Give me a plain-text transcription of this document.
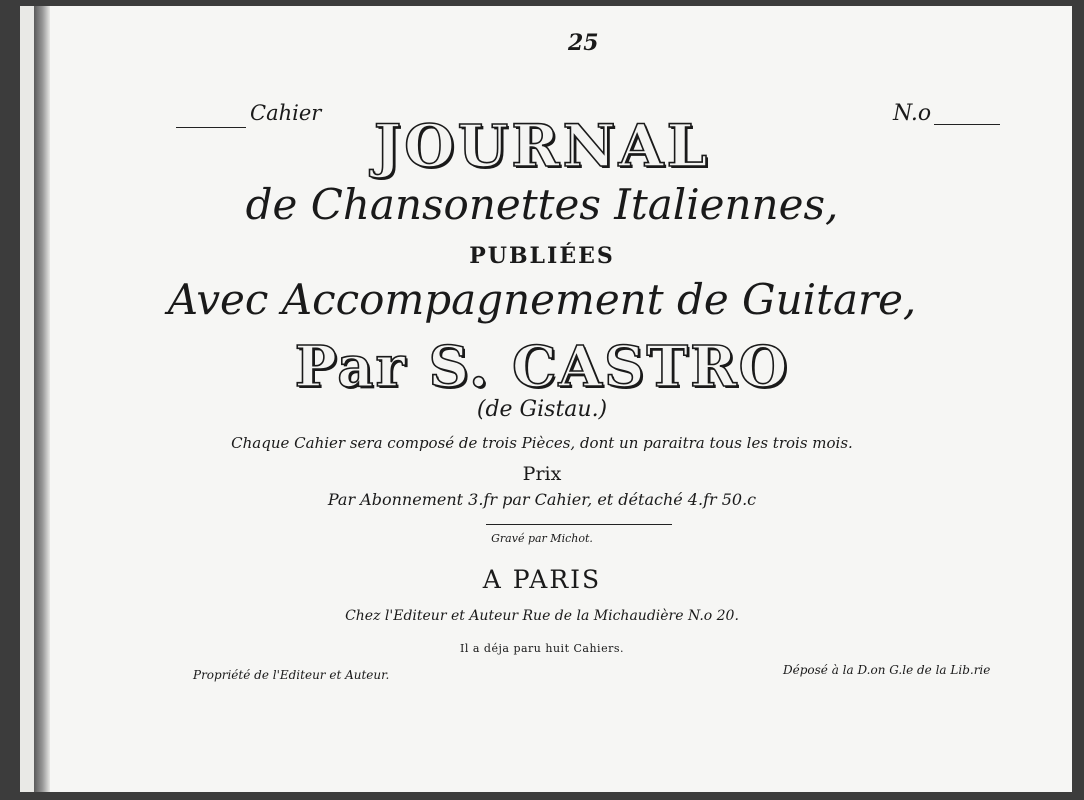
25
Cahier	N.o
JOURNAL
de Chansonettes Italiennes,
PUBLIÉES
Avec Accompagnement de Guitare,
Par S. CASTRO
(de Gistau.)
Chaque Cahier sera composé de trois Pièces, dont un paraitra tous les trois mois.
Prix
Par Abonnement 3.fr par Cahier, et détaché 4.fr 50.c
Gravé par Michot.
A PARIS
Chez l'Editeur et Auteur Rue de la Michaudière N.o 20.
Il a déja paru huit Cahiers.
Propriété de l'Editeur et Auteur.	Déposé à la D.on G.le de la Lib.rie
